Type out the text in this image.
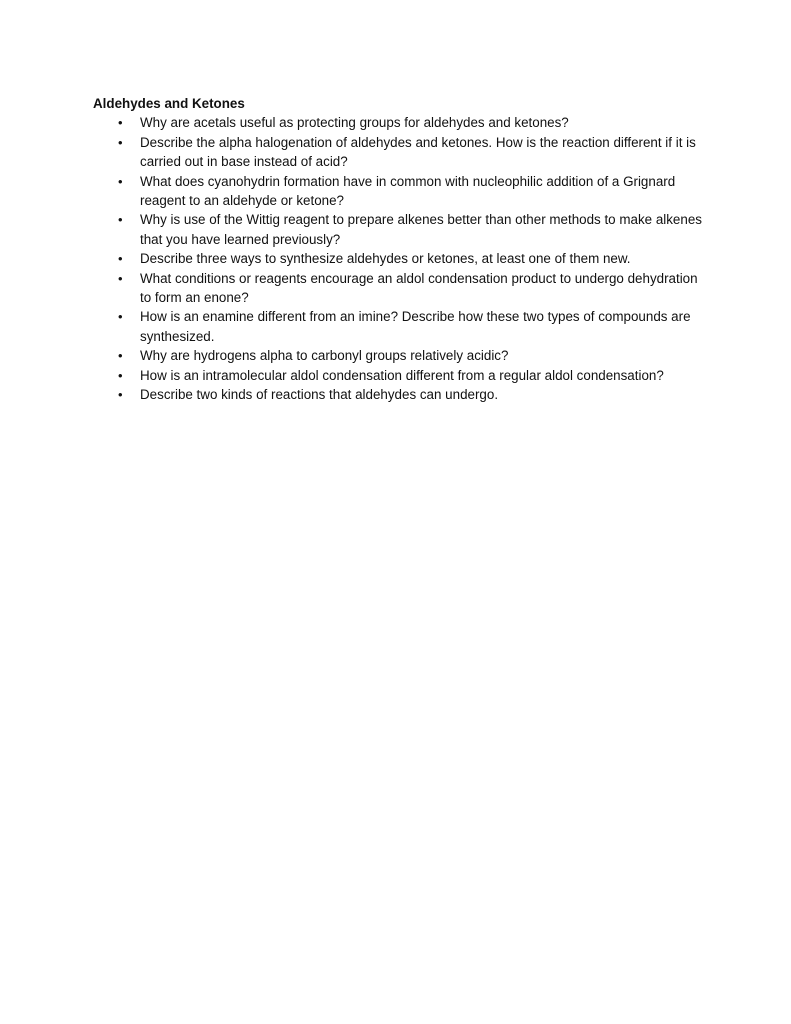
Aldehydes and Ketones

• Why are acetals useful as protecting groups for aldehydes and ketones?
• Describe the alpha halogenation of aldehydes and ketones. How is the reaction different if it is carried out in base instead of acid?
• What does cyanohydrin formation have in common with nucleophilic addition of a Grignard reagent to an aldehyde or ketone?
• Why is use of the Wittig reagent to prepare alkenes better than other methods to make alkenes that you have learned previously?
• Describe three ways to synthesize aldehydes or ketones, at least one of them new.
• What conditions or reagents encourage an aldol condensation product to undergo dehydration to form an enone?
• How is an enamine different from an imine? Describe how these two types of compounds are synthesized.
• Why are hydrogens alpha to carbonyl groups relatively acidic?
• How is an intramolecular aldol condensation different from a regular aldol condensation?
• Describe two kinds of reactions that aldehydes can undergo.
